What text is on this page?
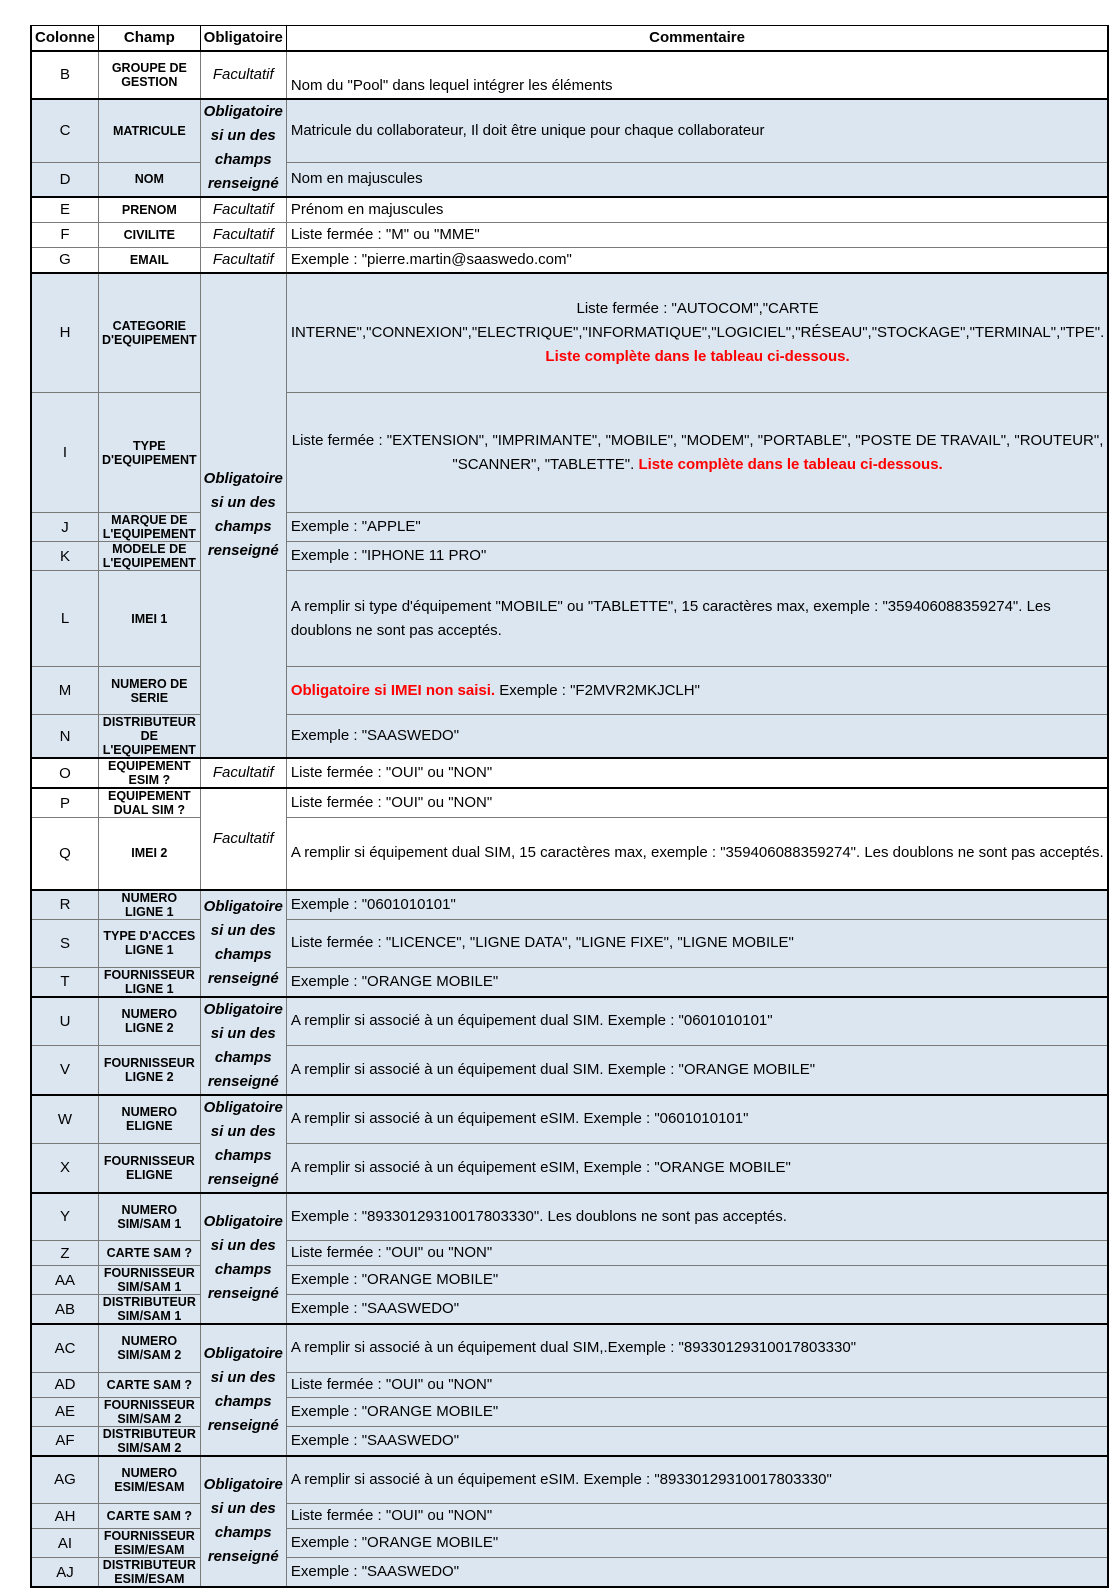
Colonne	Champ	Obligatoire	Commentaire
B	GROUPE DE GESTION	Facultatif	Nom du "Pool" dans lequel intégrer les éléments
C	MATRICULE	Obligatoire si un des champs renseigné	Matricule du collaborateur, Il doit être unique pour chaque collaborateur
D	NOM		Nom en majuscules
E	PRENOM	Facultatif	Prénom en majuscules
F	CIVILITE	Facultatif	Liste fermée : "M" ou "MME"
G	EMAIL	Facultatif	Exemple : "pierre.martin@saaswedo.com"
H	CATEGORIE D'EQUIPEMENT	Obligatoire si un des champs renseigné	Liste fermée : "AUTOCOM","CARTE INTERNE","CONNEXION","ELECTRIQUE","INFORMATIQUE","LOGICIEL","RÉSEAU","STOCKAGE","TERMINAL","TPE". Liste complète dans le tableau ci-dessous.
I	TYPE D'EQUIPEMENT		Liste fermée : "EXTENSION", "IMPRIMANTE", "MOBILE", "MODEM", "PORTABLE", "POSTE DE TRAVAIL", "ROUTEUR", "SCANNER", "TABLETTE". Liste complète dans le tableau ci-dessous.
J	MARQUE DE L'EQUIPEMENT		Exemple : "APPLE"
K	MODELE DE L'EQUIPEMENT		Exemple : "IPHONE 11 PRO"
L	IMEI 1		A remplir si type d'équipement "MOBILE" ou "TABLETTE", 15 caractères max, exemple : "359406088359274". Les doublons ne sont pas acceptés.
M	NUMERO DE SERIE		Obligatoire si IMEI non saisi. Exemple : "F2MVR2MKJCLH"
N	DISTRIBUTEUR DE L'EQUIPEMENT		Exemple : "SAASWEDO"
O	EQUIPEMENT ESIM ?	Facultatif	Liste fermée : "OUI" ou "NON"
P	EQUIPEMENT DUAL SIM ?	Facultatif	Liste fermée : "OUI" ou "NON"
Q	IMEI 2		A remplir si équipement dual SIM, 15 caractères max, exemple : "359406088359274". Les doublons ne sont pas acceptés.
R	NUMERO LIGNE 1	Obligatoire si un des champs renseigné	Exemple : "0601010101"
S	TYPE D'ACCES LIGNE 1		Liste fermée : "LICENCE", "LIGNE DATA", "LIGNE FIXE", "LIGNE MOBILE"
T	FOURNISSEUR LIGNE 1		Exemple : "ORANGE MOBILE"
U	NUMERO LIGNE 2	Obligatoire si un des champs renseigné	A remplir si associé à un équipement dual SIM. Exemple : "0601010101"
V	FOURNISSEUR LIGNE 2		A remplir si associé à un équipement dual SIM. Exemple : "ORANGE MOBILE"
W	NUMERO ELIGNE	Obligatoire si un des champs renseigné	A remplir si associé à un équipement eSIM. Exemple : "0601010101"
X	FOURNISSEUR ELIGNE		A remplir si associé à un équipement eSIM, Exemple : "ORANGE MOBILE"
Y	NUMERO SIM/SAM 1	Obligatoire si un des champs renseigné	Exemple : "89330129310017803330". Les doublons ne sont pas acceptés.
Z	CARTE SAM ?		Liste fermée : "OUI" ou "NON"
AA	FOURNISSEUR SIM/SAM 1		Exemple : "ORANGE MOBILE"
AB	DISTRIBUTEUR SIM/SAM 1		Exemple : "SAASWEDO"
AC	NUMERO SIM/SAM 2	Obligatoire si un des champs renseigné	A remplir si associé à un équipement dual SIM,.Exemple : "89330129310017803330"
AD	CARTE SAM ?		Liste fermée : "OUI" ou "NON"
AE	FOURNISSEUR SIM/SAM 2		Exemple : "ORANGE MOBILE"
AF	DISTRIBUTEUR SIM/SAM 2		Exemple : "SAASWEDO"
AG	NUMERO ESIM/ESAM	Obligatoire si un des champs renseigné	A remplir si associé à un équipement eSIM. Exemple : "89330129310017803330"
AH	CARTE SAM ?		Liste fermée : "OUI" ou "NON"
AI	FOURNISSEUR ESIM/ESAM		Exemple : "ORANGE MOBILE"
AJ	DISTRIBUTEUR ESIM/ESAM		Exemple : "SAASWEDO"
